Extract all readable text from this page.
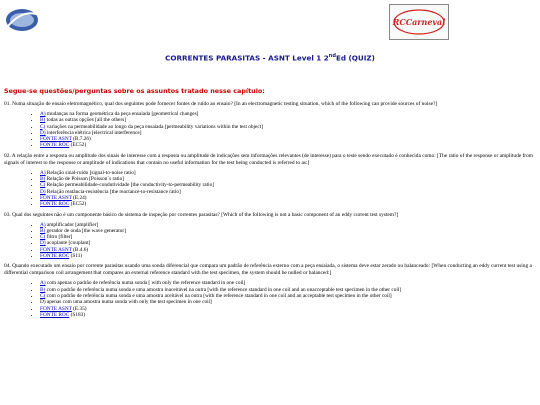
RCCarneval
CORRENTES PARASITAS - ASNT Level 1 2ndEd (QUIZ)
Segue-se questões/perguntas sobre os assuntos tratado nesse capítulo:

01. Numa situação de ensaio eletromagnético, qual dos seguintes pode fornecer fontes de ruído ao ensaio? [In an electromagnetic testing situation, which of the following can provide sources of noise?]

• A) mudanças na forma geométrica da peça ensaiada [geometrical changes]
• B) todas as outras opções [all the others]
• C) variações na permeabilidade ao longo da peça ensaiada [permeability variations within the test object]
• D) interferência elétrica [electrical interference]
• FONTE ASNT (B.7.26)
• FONTE ROC (EC52)

02. A relação entre a resposta ou amplitude dos sinais de interesse com a resposta ou amplitude de indicações sem informações relevantes (de interesse) para o teste sendo executado é conhecida como: [The ratio of the response or amplitude from signals of interest to the response or amplitude of indications that contain no useful information for the test being conducted is referred to as:]

• A) Relação sinal-ruído [signal-to-noise ratio]
• B) Relação de Poisson [Poisson`s ratio]
• C) Relação permeabilidade-condutividade [the conductivity-to-permeability ratio]
• D) Relação reatância-resistência [the reactance-to-resistance ratio]
• FONTE ASNT (E.24)
• FONTE ROC (EC52)

03. Qual dos seguintes não é um componente básico do sistema de inspeção por correntes parasitas? [Which of the following is not a basic component of an eddy current test system?]

• A) amplificador [amplifier]
• B) gerador de onda [the wave generator]
• C) filtro [filter]
• D) acoplante [couplant]
• FONTE ASNT (B.4.6)
• FONTE ROC (S11)

04. Quando executado um ensaio por corrente parasitas usando uma sonda diferencial que compara um padrão de referência externo com a peça ensaiada, o sistema deve estar zerado ou balanceado: [When conducting an eddy current test using a differential comparison coil arrangement that compares an external reference standard with the test specimen, the system should be nulled or balanced:]

• A) com apenas o padrão de referência numa sonda [ with only the reference standard in one coil]
• B) com o padrão de referência numa sonda e uma amostra inaceitável na outra [with the reference standard in one coil and an unacceptable test specimen in the other coil]
• C) com o padrão de referência numa sonda e uma amostra aceitável na outra [with the reference standard in one coil and an acceptable test specimen in the other coil]
• D) apenas com uma amostra numa sonda with only the test specimen in one coil]
• FONTE ASNT (E.35)
• FONTE ROC (S183)
